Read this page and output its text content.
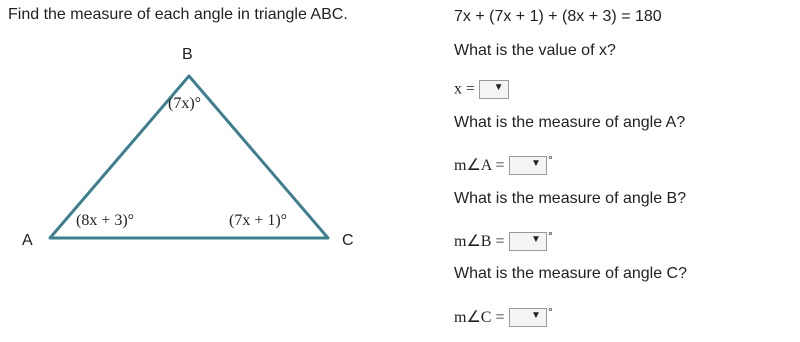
Find the measure of each angle in triangle ABC.
B
A	C
(7x)°
(8x + 3)°	(7x + 1)°
7x + (7x + 1) + (8x + 3) = 180
What is the value of x?
x = ▼
What is the measure of angle A?
m∠A =	▼ °
What is the measure of angle B?
m∠B =	▼ °
What is the measure of angle C?
m∠C =	▼ °
